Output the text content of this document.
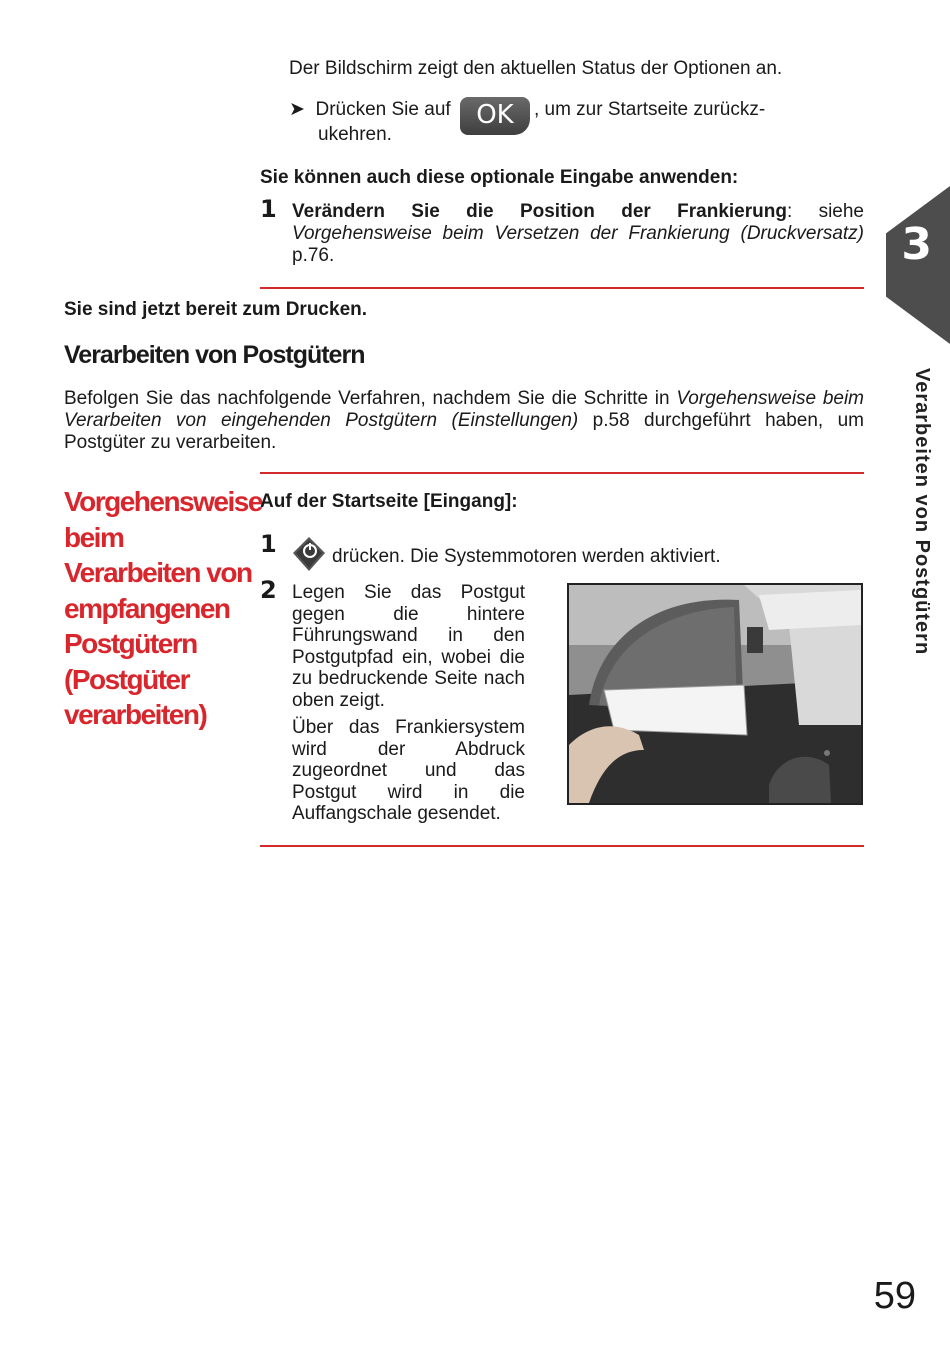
Der Bildschirm zeigt den aktuellen Status der Optionen an.
➤ Drücken Sie auf OK , um zur Startseite zurückz-
ukehren.
Sie können auch diese optionale Eingabe anwenden:
1 Verändern Sie die Position der Frankierung: siehe Vorgehensweise beim Versetzen der Frankierung (Druckversatz) p.76.
Sie sind jetzt bereit zum Drucken.
Verarbeiten von Postgütern
Befolgen Sie das nachfolgende Verfahren, nachdem Sie die Schritte in Vorgehensweise beim Verarbeiten von eingehenden Postgütern (Einstellungen) p.58 durchgeführt haben, um Postgüter zu verarbeiten.
Vorgehensweise beim Verarbeiten von empfangenen Postgütern (Postgüter verarbeiten)
Auf der Startseite [Eingang]:
1	drücken. Die Systemmotoren werden aktiviert.
2 Legen Sie das Postgut gegen die hintere Führungswand in den Postgutpfad ein, wobei die zu bedruckende Seite nach oben zeigt.
Über das Frankiersystem wird der Abdruck zugeordnet und das Postgut wird in die Auffangschale gesendet.
3
Verarbeiten von Postgütern
59
